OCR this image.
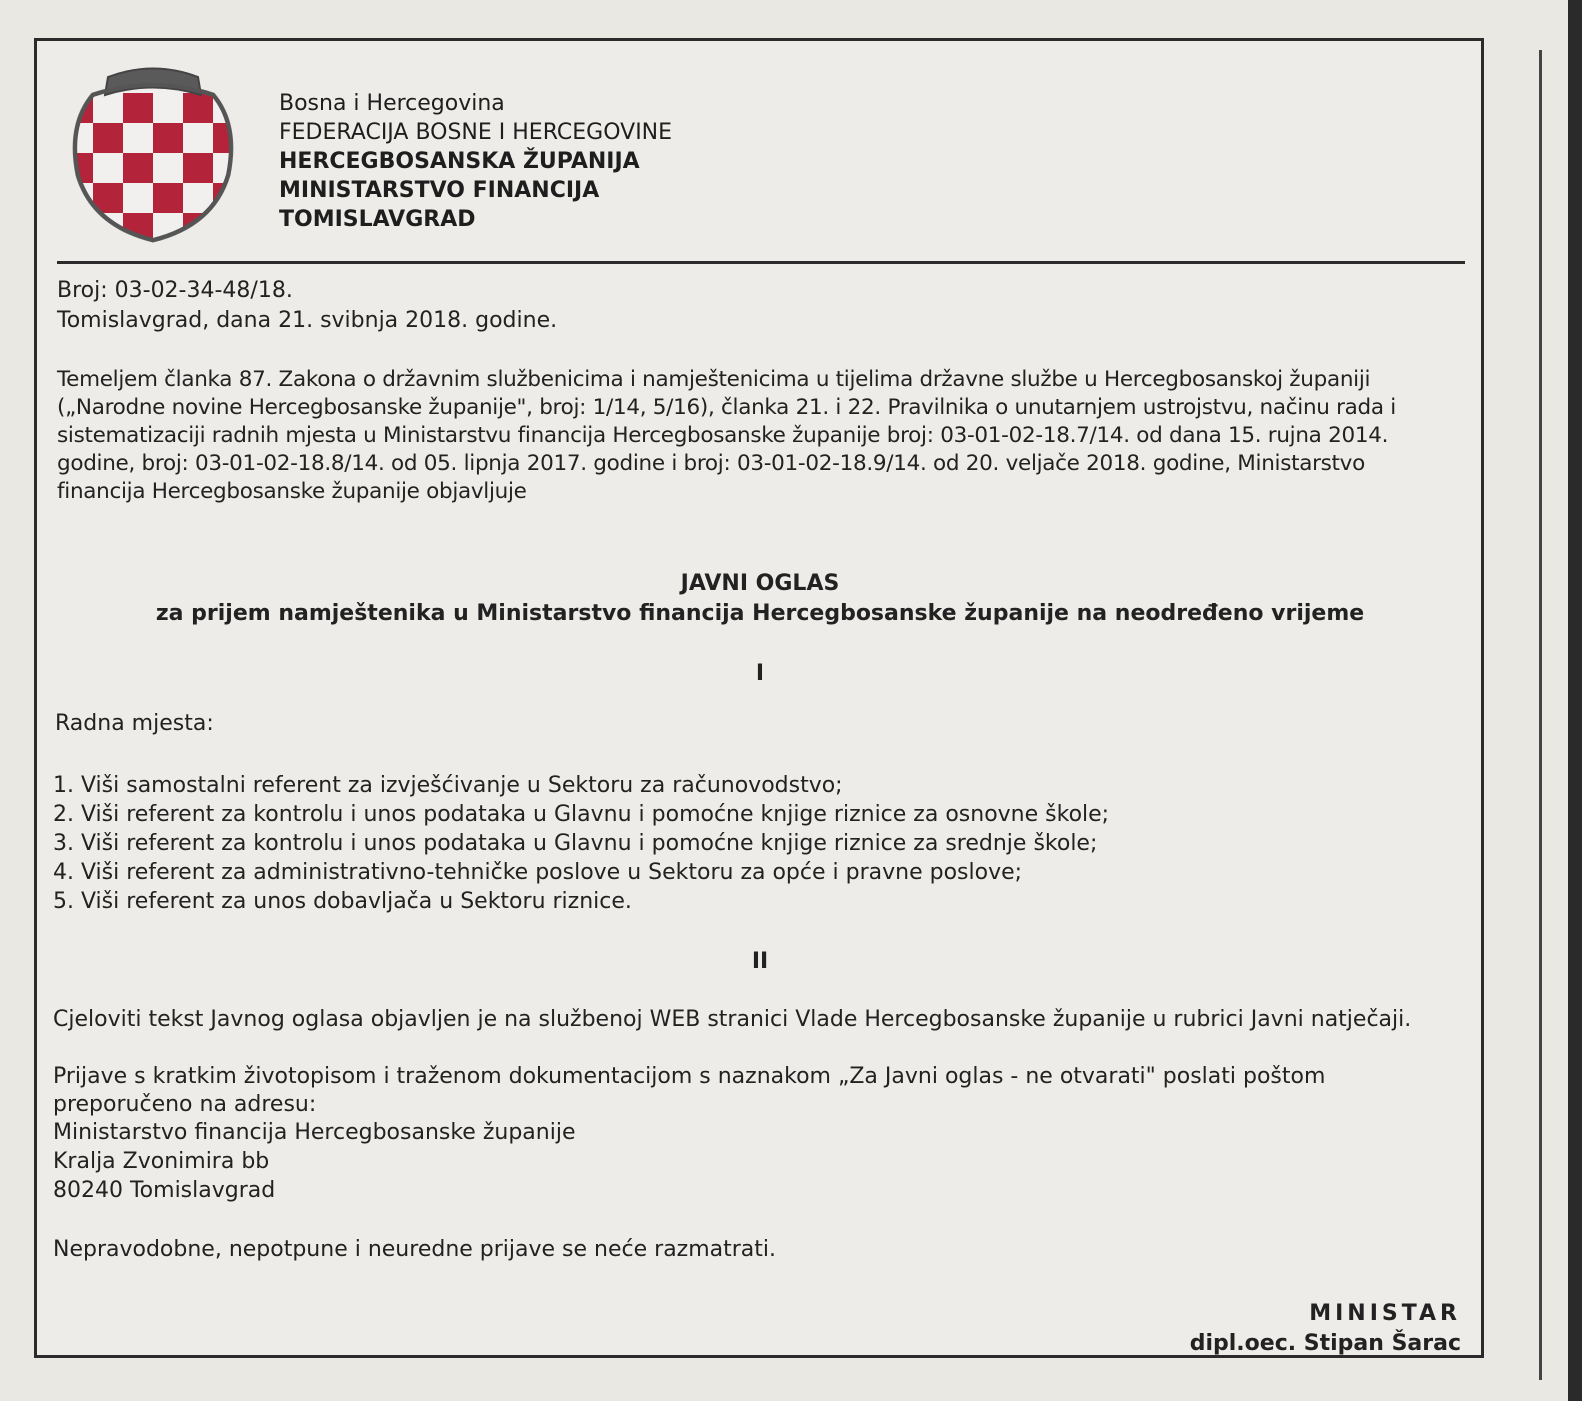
Bosna i Hercegovina
FEDERACIJA BOSNE I HERCEGOVINE
HERCEGBOSANSKA ŽUPANIJA
MINISTARSTVO FINANCIJA
TOMISLAVGRAD
Broj: 03-02-34-48/18.
Tomislavgrad, dana 21. svibnja 2018. godine.
Temeljem članka 87. Zakona o državnim službenicima i namještenicima u tijelima državne službe u Hercegbosanskoj županiji („Narodne novine Hercegbosanske županije", broj: 1/14, 5/16), članka 21. i 22. Pravilnika o unutarnjem ustrojstvu, načinu rada i sistematizaciji radnih mjesta u Ministarstvu financija Hercegbosanske županije broj: 03-01-02-18.7/14. od dana 15. rujna 2014. godine, broj: 03-01-02-18.8/14. od 05. lipnja 2017. godine i broj: 03-01-02-18.9/14. od 20. veljače 2018. godine, Ministarstvo financija Hercegbosanske županije objavljuje
JAVNI OGLAS
za prijem namještenika u Ministarstvo financija Hercegbosanske županije na neodređeno vrijeme
I
Radna mjesta:
1. Viši samostalni referent za izvješćivanje u Sektoru za računovodstvo;
2. Viši referent za kontrolu i unos podataka u Glavnu i pomoćne knjige riznice za osnovne škole;
3. Viši referent za kontrolu i unos podataka u Glavnu i pomoćne knjige riznice za srednje škole;
4. Viši referent za administrativno-tehničke poslove u Sektoru za opće i pravne poslove;
5. Viši referent za unos dobavljača u Sektoru riznice.
II
Cjeloviti tekst Javnog oglasa objavljen je na službenoj WEB stranici Vlade Hercegbosanske županije u rubrici Javni natječaji.
Prijave s kratkim životopisom i traženom dokumentacijom s naznakom „Za Javni oglas - ne otvarati" poslati poštom preporučeno na adresu:
Ministarstvo financija Hercegbosanske županije
Kralja Zvonimira bb
80240 Tomislavgrad
Nepravodobne, nepotpune i neuredne prijave se neće razmatrati.
MINISTAR
dipl.oec. Stipan Šarac
